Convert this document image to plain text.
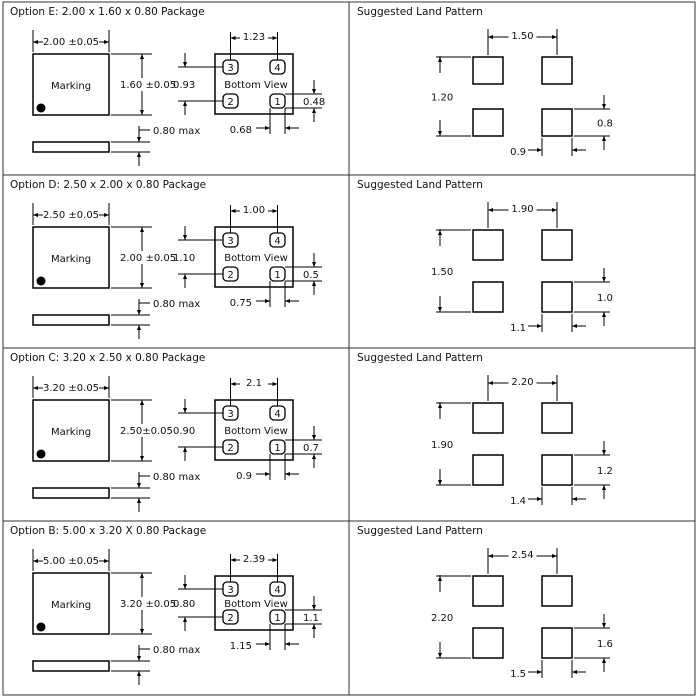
Option E: 2.00 x 1.60 x 0.80 Package	Suggested Land Pattern
Marking
2.00 ±0.05
1.60 ±0.05
0.80 max
3	4
2	1
Bottom View
1.23
0.93
0.48
0.68
1.50
1.20
0.8
0.9
Option D: 2.50 x 2.00 x 0.80 Package	Suggested Land Pattern
Marking
2.50 ±0.05
2.00 ±0.05
0.80 max
3	4
2	1
Bottom View
1.00
1.10
0.5
0.75
1.90
1.50
1.0
1.1
Option C: 3.20 x 2.50 x 0.80 Package	Suggested Land Pattern
Marking
3.20 ±0.05
2.50±0.05
0.80 max
3	4
2	1
Bottom View
2.1
0.90
0.7
0.9
2.20
1.90
1.2
1.4
Option B: 5.00 x 3.20 X 0.80 Package	Suggested Land Pattern
Marking
5.00 ±0.05
3.20 ±0.05
0.80 max
3	4
2	1
Bottom View
2.39
0.80
1.1
1.15
2.54
2.20
1.6
1.5
